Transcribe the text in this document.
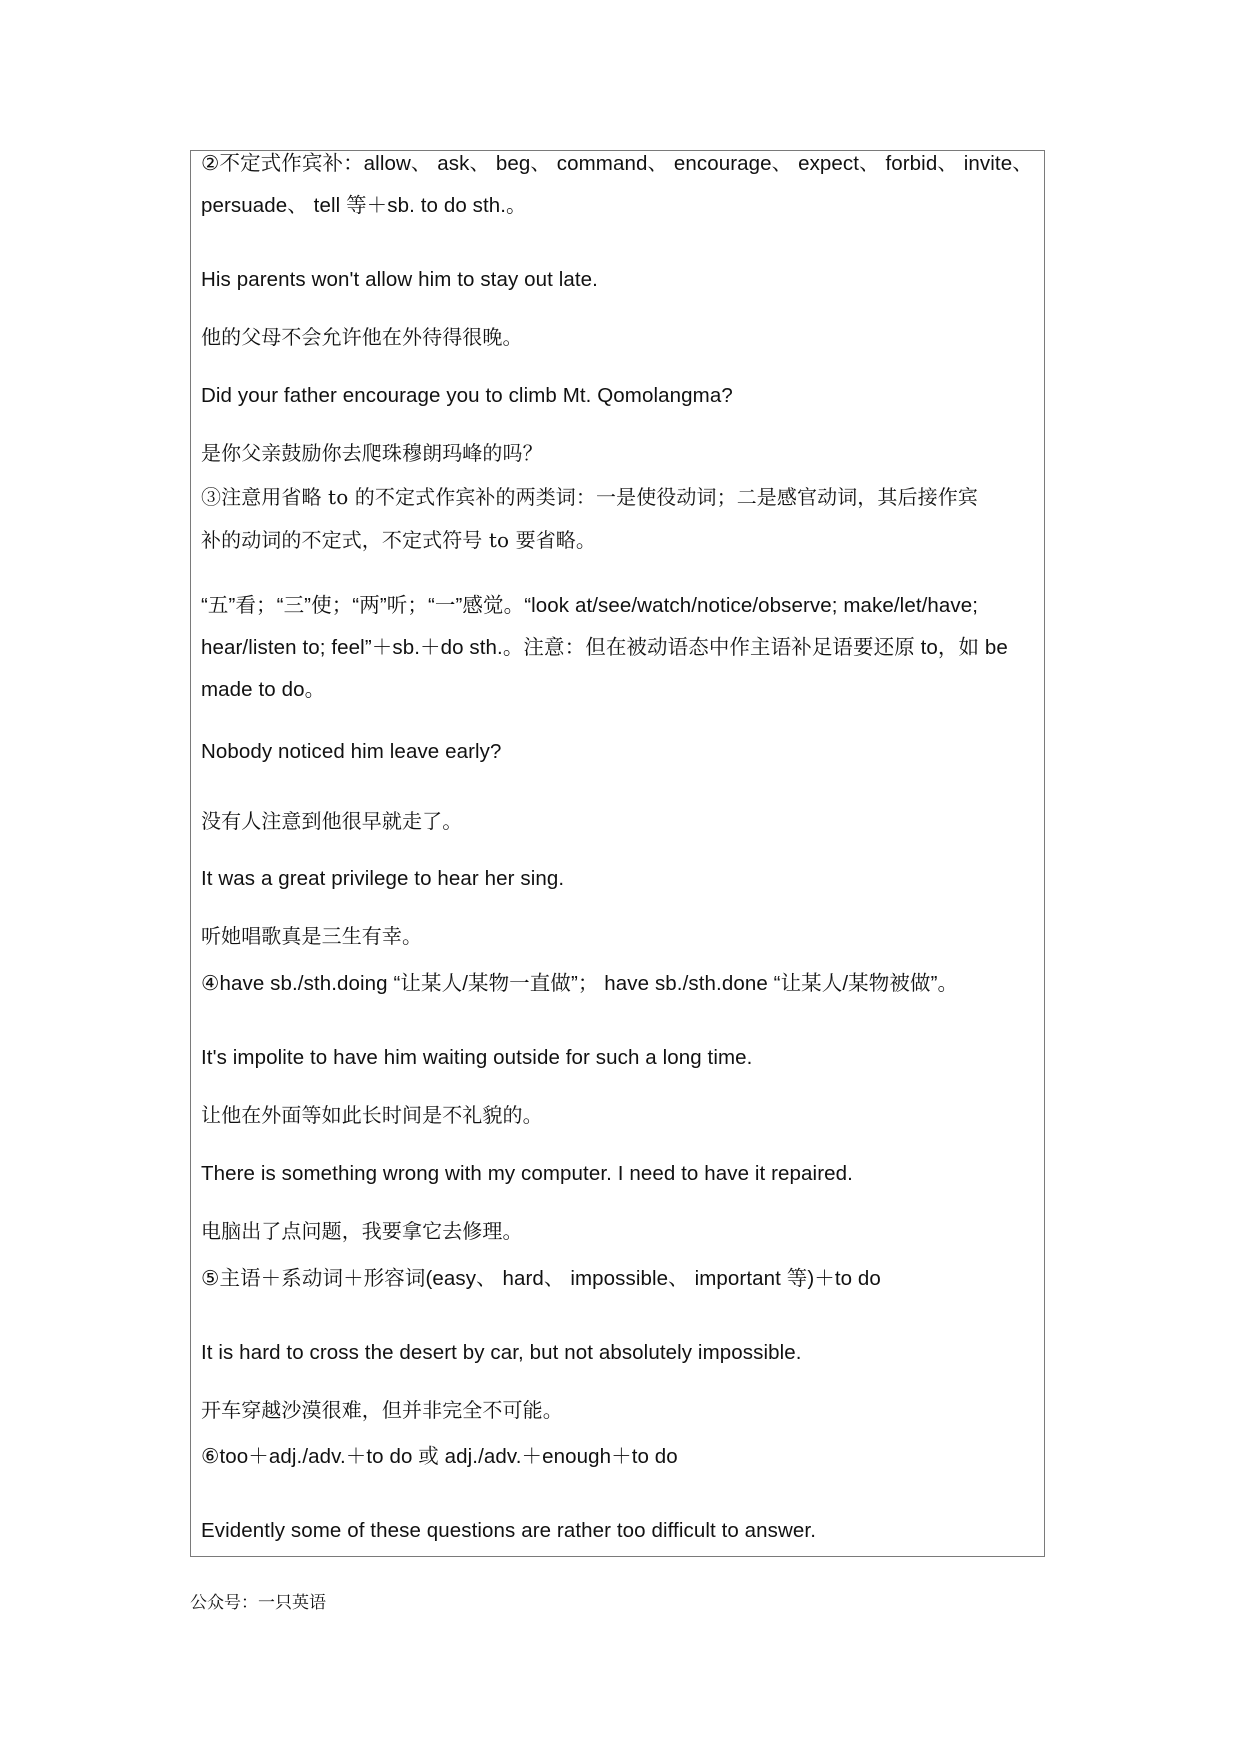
②不定式作宾补：allow、 ask、 beg、 command、 encourage、 expect、 forbid、 invite、
persuade、 tell 等＋sb. to do sth.。
His parents won't allow him to stay out late.
他的父母不会允许他在外待得很晚。
Did your father encourage you to climb Mt. Qomolangma?
是你父亲鼓励你去爬珠穆朗玛峰的吗？
③注意用省略 to 的不定式作宾补的两类词：一是使役动词；二是感官动词，其后接作宾
补的动词的不定式，不定式符号 to 要省略。
“五”看；“三”使；“两”听；“一”感觉。“look at/see/watch/notice/observe; make/let/have;
hear/listen to; feel”＋sb.＋do sth.。注意：但在被动语态中作主语补足语要还原 to，如 be
made to do。
Nobody noticed him leave early?
没有人注意到他很早就走了。
It was a great privilege to hear her sing.
听她唱歌真是三生有幸。
④have sb./sth.doing “让某人/某物一直做”； have sb./sth.done “让某人/某物被做”。
It's impolite to have him waiting outside for such a long time.
让他在外面等如此长时间是不礼貌的。
There is something wrong with my computer. I need to have it repaired.
电脑出了点问题，我要拿它去修理。
⑤主语＋系动词＋形容词(easy、 hard、 impossible、 important 等)＋to do
It is hard to cross the desert by car, but not absolutely impossible.
开车穿越沙漠很难，但并非完全不可能。
⑥too＋adj./adv.＋to do 或 adj./adv.＋enough＋to do
Evidently some of these questions are rather too difficult to answer.
公众号：一只英语
